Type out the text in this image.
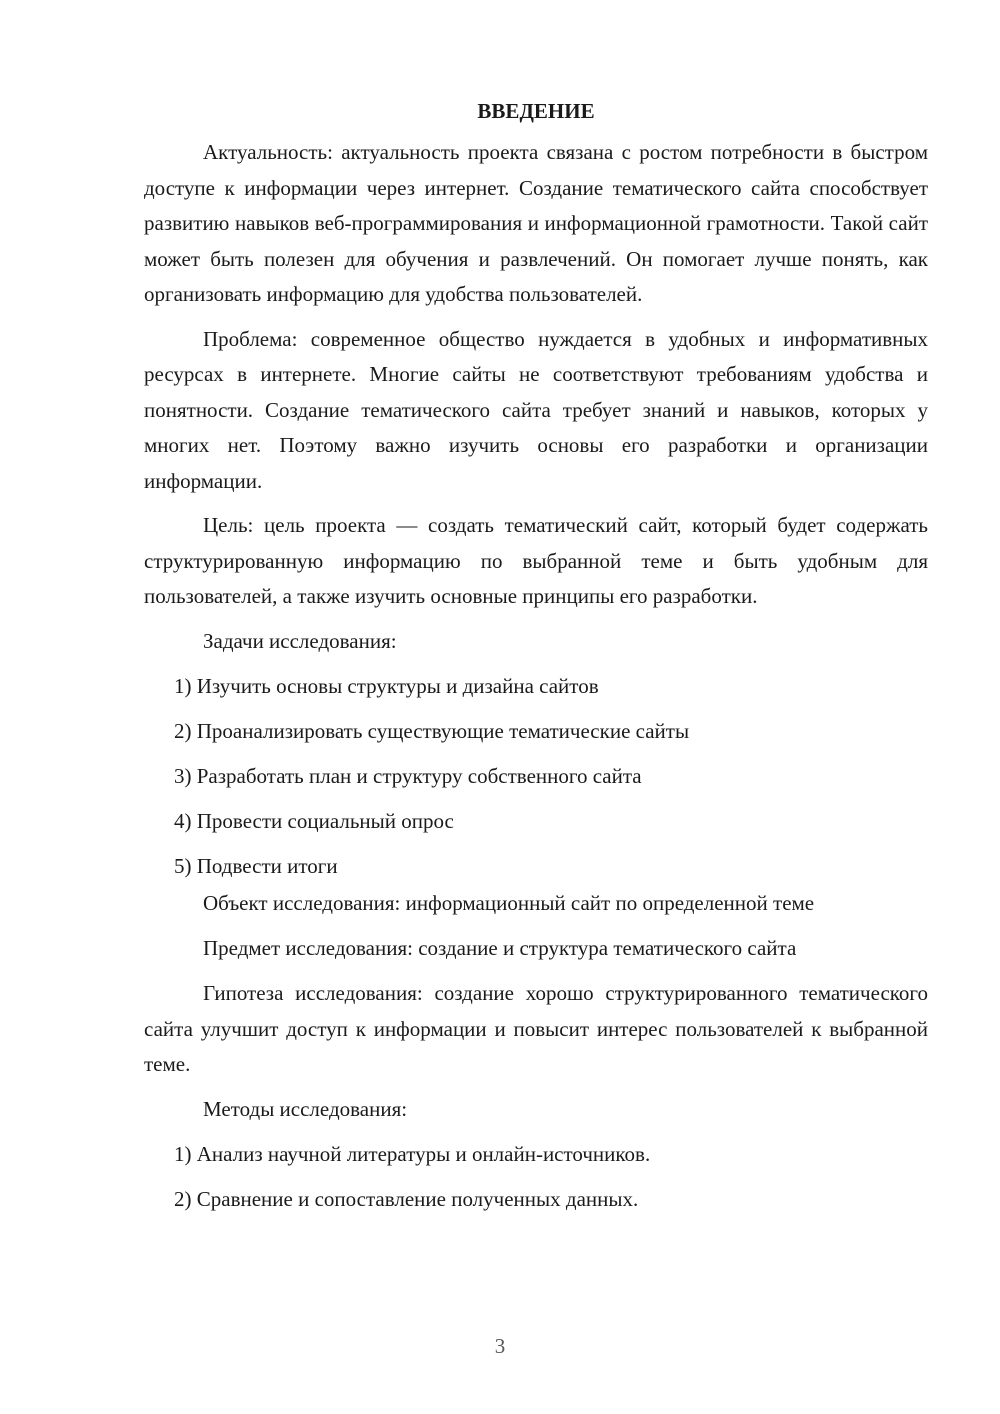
ВВЕДЕНИЕ

Актуальность: актуальность проекта связана с ростом потребности в быстром доступе к информации через интернет. Создание тематического сайта способствует развитию навыков веб-программирования и информационной грамотности. Такой сайт может быть полезен для обучения и развлечений. Он помогает лучше понять, как организовать информацию для удобства пользователей.

Проблема: современное общество нуждается в удобных и информативных ресурсах в интернете. Многие сайты не соответствуют требованиям удобства и понятности. Создание тематического сайта требует знаний и навыков, которых у многих нет. Поэтому важно изучить основы его разработки и организации информации.

Цель: цель проекта — создать тематический сайт, который будет содержать структурированную информацию по выбранной теме и быть удобным для пользователей, а также изучить основные принципы его разработки.

Задачи исследования:

1) Изучить основы структуры и дизайна сайтов

2) Проанализировать существующие тематические сайты

3) Разработать план и структуру собственного сайта

4) Провести социальный опрос

5) Подвести итоги

Объект исследования: информационный сайт по определенной теме

Предмет исследования: создание и структура тематического сайта

Гипотеза исследования: создание хорошо структурированного тематического сайта улучшит доступ к информации и повысит интерес пользователей к выбранной теме.

Методы исследования:

1) Анализ научной литературы и онлайн-источников.

2) Сравнение и сопоставление полученных данных.

3
